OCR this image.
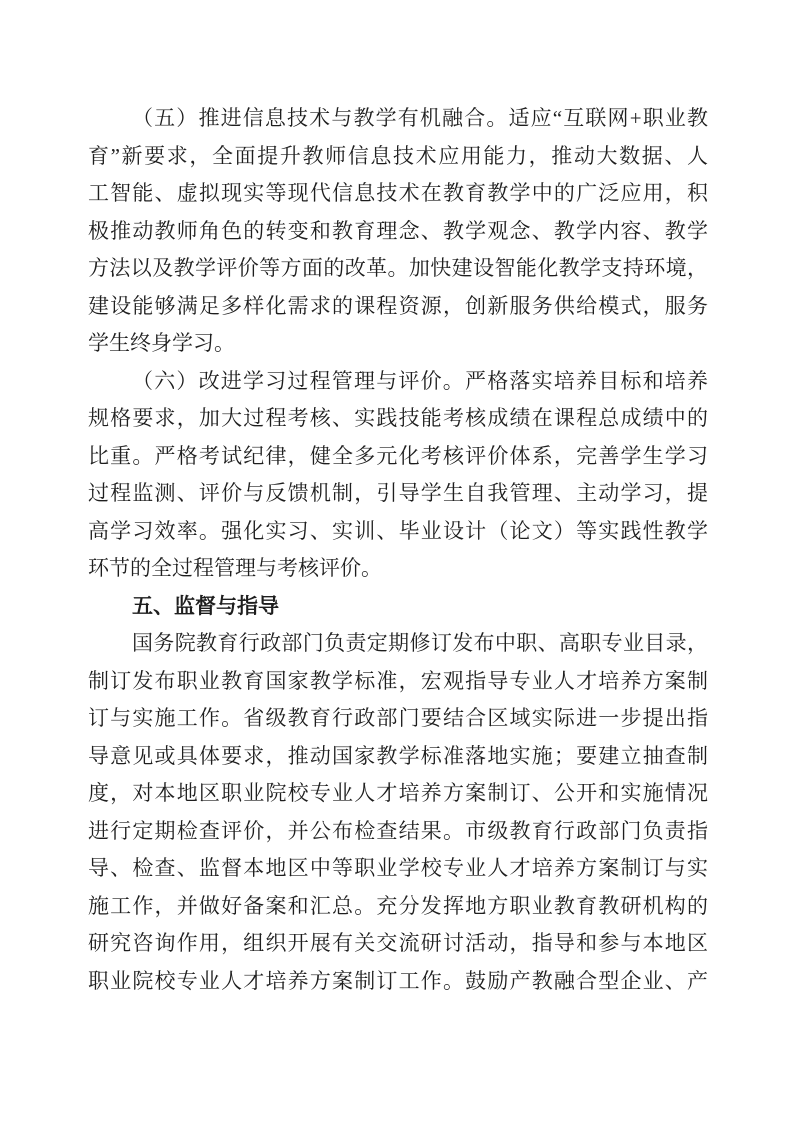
（五）推进信息技术与教学有机融合。适应“互联网+职业教
育”新要求，全面提升教师信息技术应用能力，推动大数据、人
工智能、虚拟现实等现代信息技术在教育教学中的广泛应用，积
极推动教师角色的转变和教育理念、教学观念、教学内容、教学
方法以及教学评价等方面的改革。加快建设智能化教学支持环境，
建设能够满足多样化需求的课程资源，创新服务供给模式，服务
学生终身学习。
（六）改进学习过程管理与评价。严格落实培养目标和培养
规格要求，加大过程考核、实践技能考核成绩在课程总成绩中的
比重。严格考试纪律，健全多元化考核评价体系，完善学生学习
过程监测、评价与反馈机制，引导学生自我管理、主动学习，提
高学习效率。强化实习、实训、毕业设计（论文）等实践性教学
环节的全过程管理与考核评价。
五、监督与指导
国务院教育行政部门负责定期修订发布中职、高职专业目录，
制订发布职业教育国家教学标准，宏观指导专业人才培养方案制
订与实施工作。省级教育行政部门要结合区域实际进一步提出指
导意见或具体要求，推动国家教学标准落地实施；要建立抽查制
度，对本地区职业院校专业人才培养方案制订、公开和实施情况
进行定期检查评价，并公布检查结果。市级教育行政部门负责指
导、检查、监督本地区中等职业学校专业人才培养方案制订与实
施工作，并做好备案和汇总。充分发挥地方职业教育教研机构的
研究咨询作用，组织开展有关交流研讨活动，指导和参与本地区
职业院校专业人才培养方案制订工作。鼓励产教融合型企业、产
